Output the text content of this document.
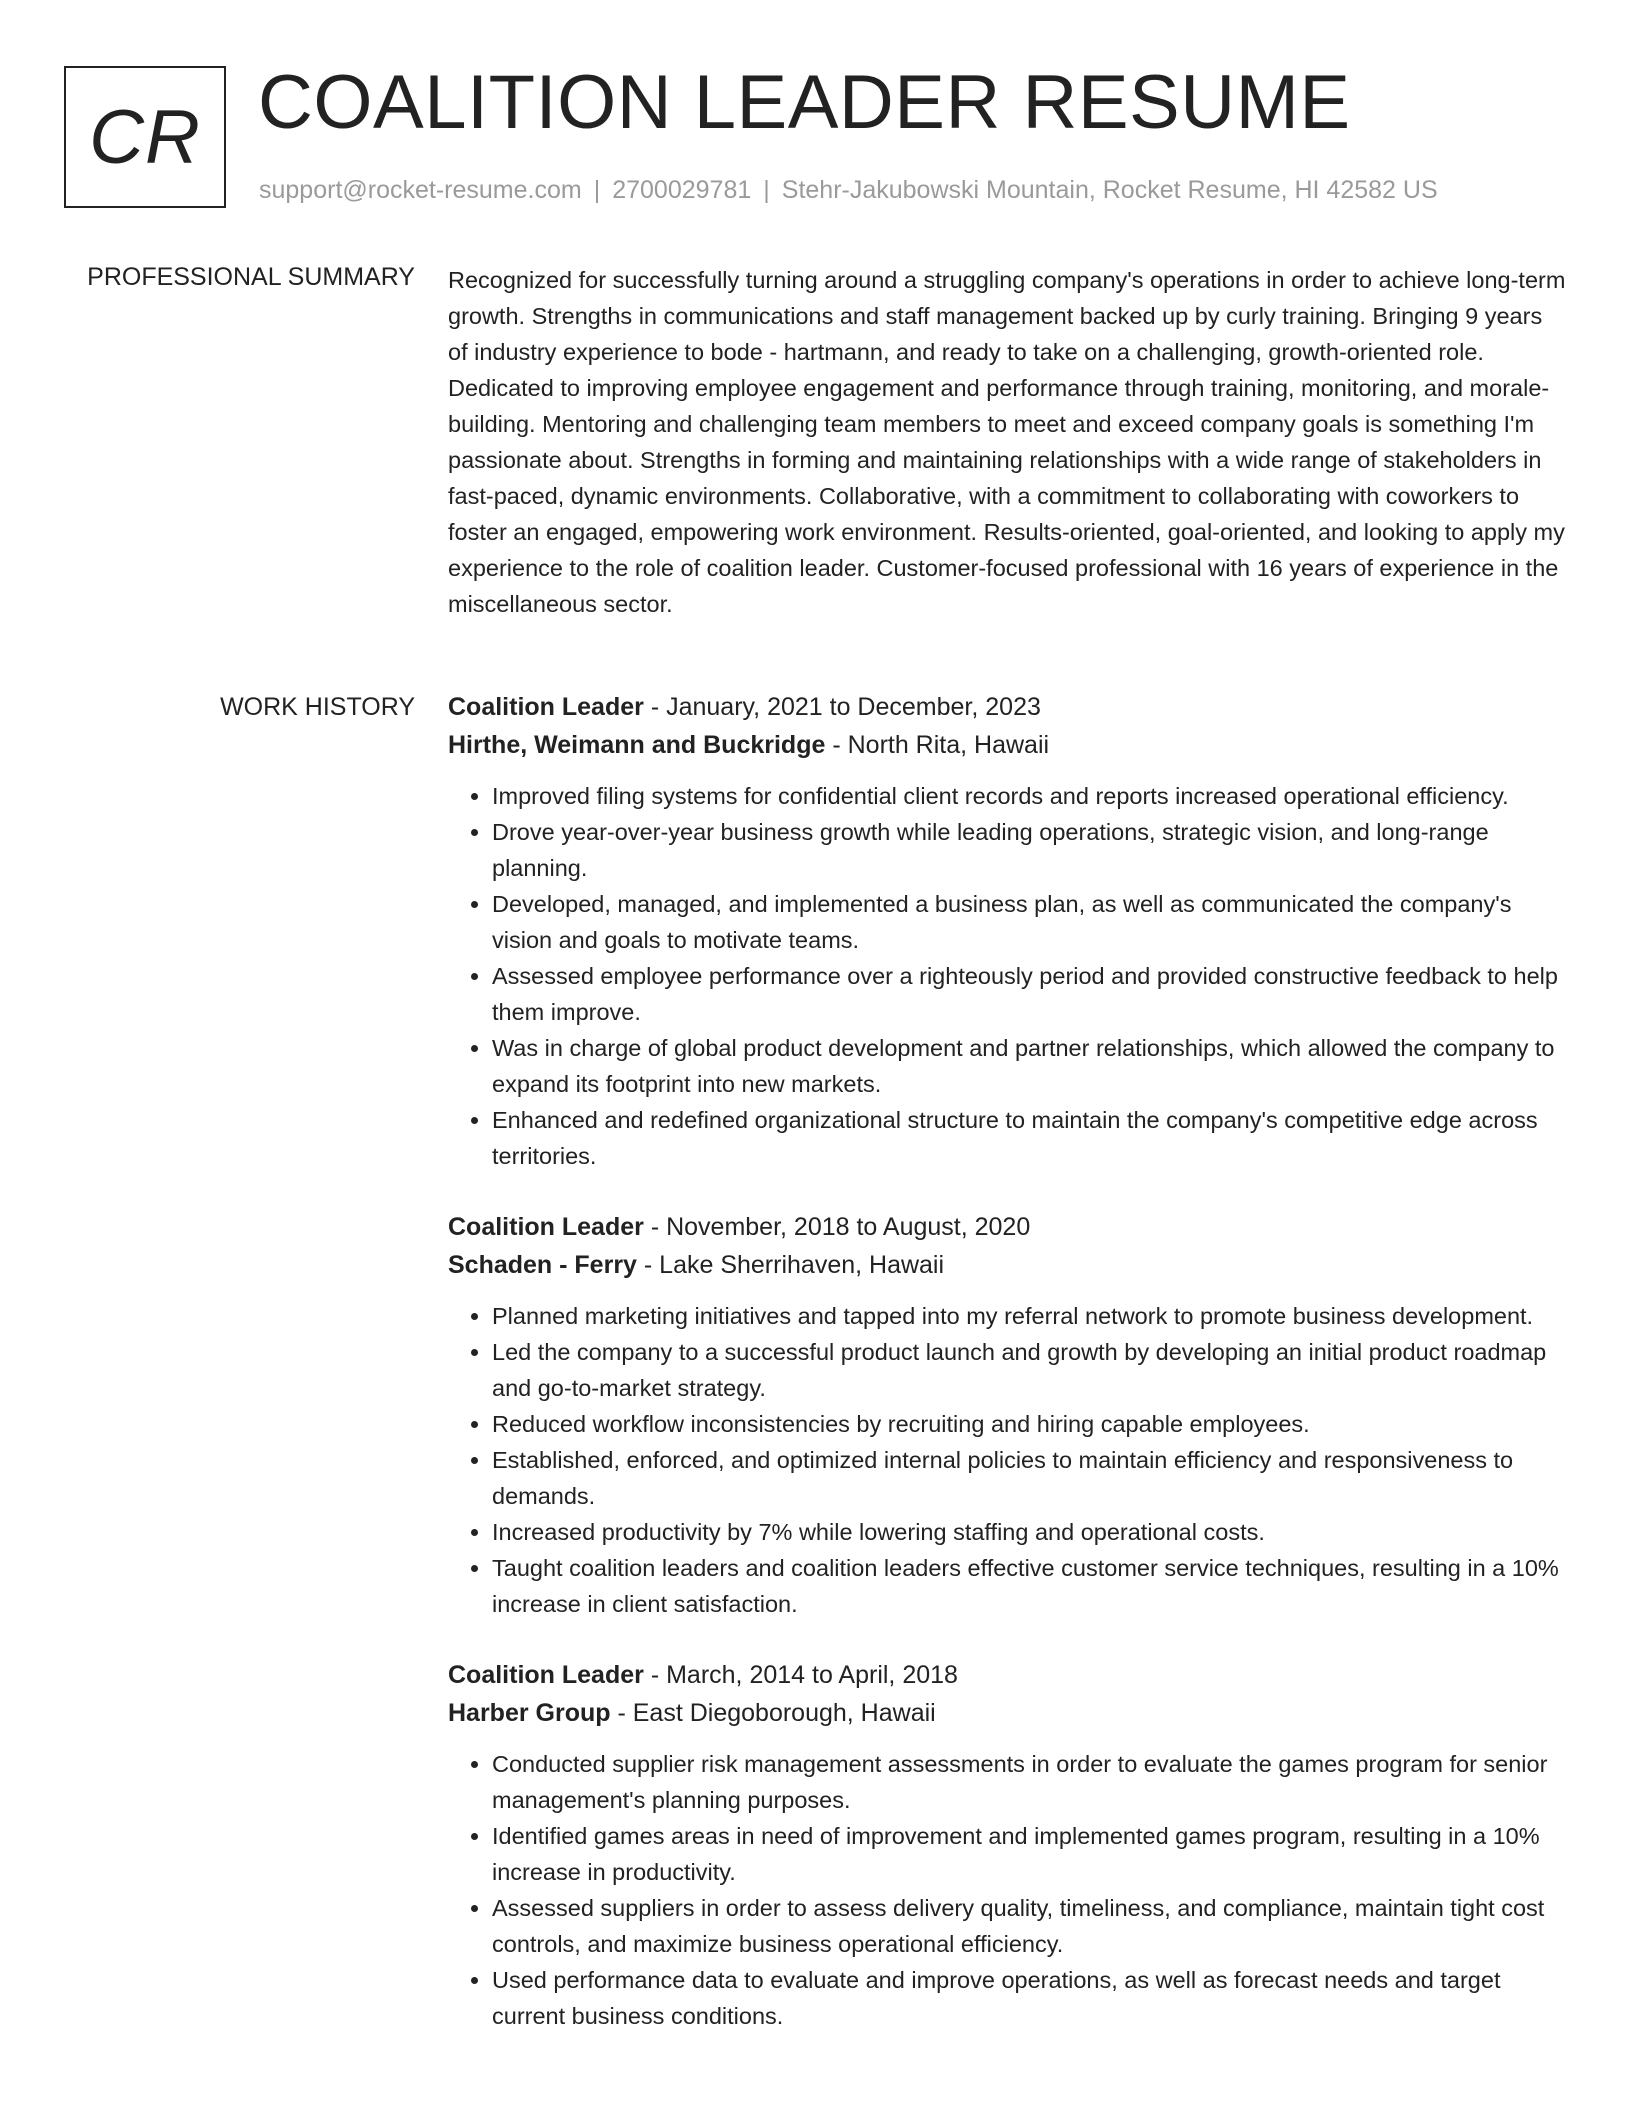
CR COALITION LEADER RESUME
support@rocket-resume.com | 2700029781 | Stehr-Jakubowski Mountain, Rocket Resume, HI 42582 US
PROFESSIONAL SUMMARY Recognized for successfully turning around a struggling company's operations in order to achieve long-term growth. Strengths in communications and staff management backed up by curly training. Bringing 9 years of industry experience to bode - hartmann, and ready to take on a challenging, growth-oriented role. Dedicated to improving employee engagement and performance through training, monitoring, and morale-building. Mentoring and challenging team members to meet and exceed company goals is something I'm passionate about. Strengths in forming and maintaining relationships with a wide range of stakeholders in fast-paced, dynamic environments. Collaborative, with a commitment to collaborating with coworkers to foster an engaged, empowering work environment. Results-oriented, goal-oriented, and looking to apply my experience to the role of coalition leader. Customer-focused professional with 16 years of experience in the miscellaneous sector.

WORK HISTORY Coalition Leader - January, 2021 to December, 2023
Hirthe, Weimann and Buckridge - North Rita, Hawaii
• Improved filing systems for confidential client records and reports increased operational efficiency.
• Drove year-over-year business growth while leading operations, strategic vision, and long-range planning.
• Developed, managed, and implemented a business plan, as well as communicated the company's vision and goals to motivate teams.
• Assessed employee performance over a righteously period and provided constructive feedback to help them improve.
• Was in charge of global product development and partner relationships, which allowed the company to expand its footprint into new markets.
• Enhanced and redefined organizational structure to maintain the company's competitive edge across territories.
Coalition Leader - November, 2018 to August, 2020
Schaden - Ferry - Lake Sherrihaven, Hawaii
• Planned marketing initiatives and tapped into my referral network to promote business development.
• Led the company to a successful product launch and growth by developing an initial product roadmap and go-to-market strategy.
• Reduced workflow inconsistencies by recruiting and hiring capable employees.
• Established, enforced, and optimized internal policies to maintain efficiency and responsiveness to demands.
• Increased productivity by 7% while lowering staffing and operational costs.
• Taught coalition leaders and coalition leaders effective customer service techniques, resulting in a 10% increase in client satisfaction.
Coalition Leader - March, 2014 to April, 2018
Harber Group - East Diegoborough, Hawaii
• Conducted supplier risk management assessments in order to evaluate the games program for senior management's planning purposes.
• Identified games areas in need of improvement and implemented games program, resulting in a 10% increase in productivity.
• Assessed suppliers in order to assess delivery quality, timeliness, and compliance, maintain tight cost controls, and maximize business operational efficiency.
• Used performance data to evaluate and improve operations, as well as forecast needs and target current business conditions.
